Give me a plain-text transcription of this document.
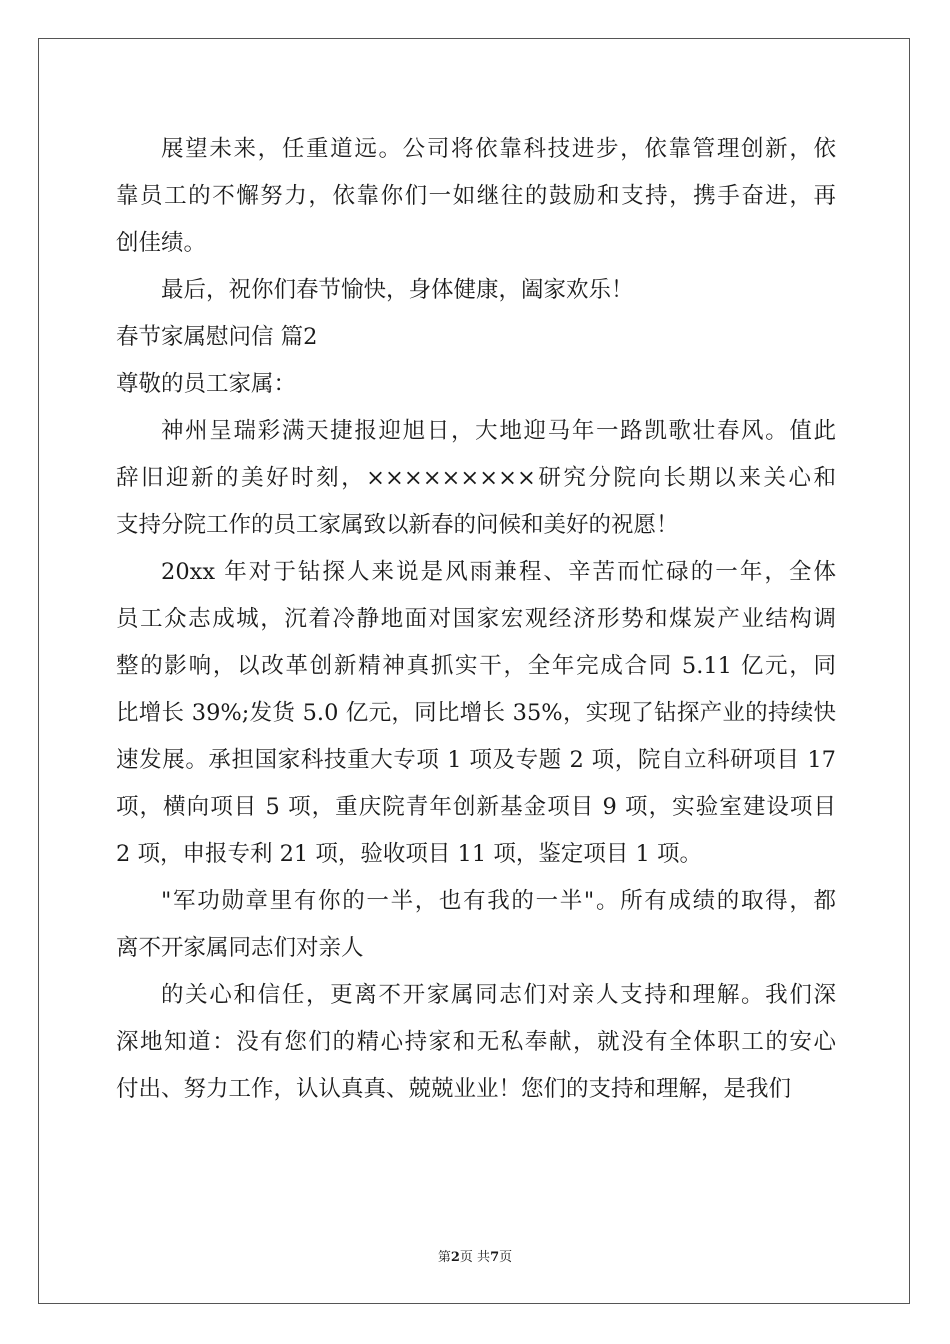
展望未来，任重道远。公司将依靠科技进步，依靠管理创新，依
靠员工的不懈努力，依靠你们一如继往的鼓励和支持，携手奋进，再
创佳绩。
最后，祝你们春节愉快，身体健康，阖家欢乐！
春节家属慰问信 篇2
尊敬的员工家属：
神州呈瑞彩满天捷报迎旭日，大地迎马年一路凯歌壮春风。值此
辞旧迎新的美好时刻，×××××××××研究分院向长期以来关心和
支持分院工作的员工家属致以新春的问候和美好的祝愿！
20xx 年对于钻探人来说是风雨兼程、辛苦而忙碌的一年，全体
员工众志成城，沉着冷静地面对国家宏观经济形势和煤炭产业结构调
整的影响，以改革创新精神真抓实干，全年完成合同 5.11 亿元，同
比增长 39%;发货 5.0 亿元，同比增长 35%，实现了钻探产业的持续快
速发展。承担国家科技重大专项 1 项及专题 2 项，院自立科研项目 17
项，横向项目 5 项，重庆院青年创新基金项目 9 项，实验室建设项目
2 项，申报专利 21 项，验收项目 11 项，鉴定项目 1 项。
"军功勋章里有你的一半，也有我的一半"。所有成绩的取得，都
离不开家属同志们对亲人
的关心和信任，更离不开家属同志们对亲人支持和理解。我们深
深地知道：没有您们的精心持家和无私奉献，就没有全体职工的安心
付出、努力工作，认认真真、兢兢业业！您们的支持和理解，是我们
第2页 共7页
